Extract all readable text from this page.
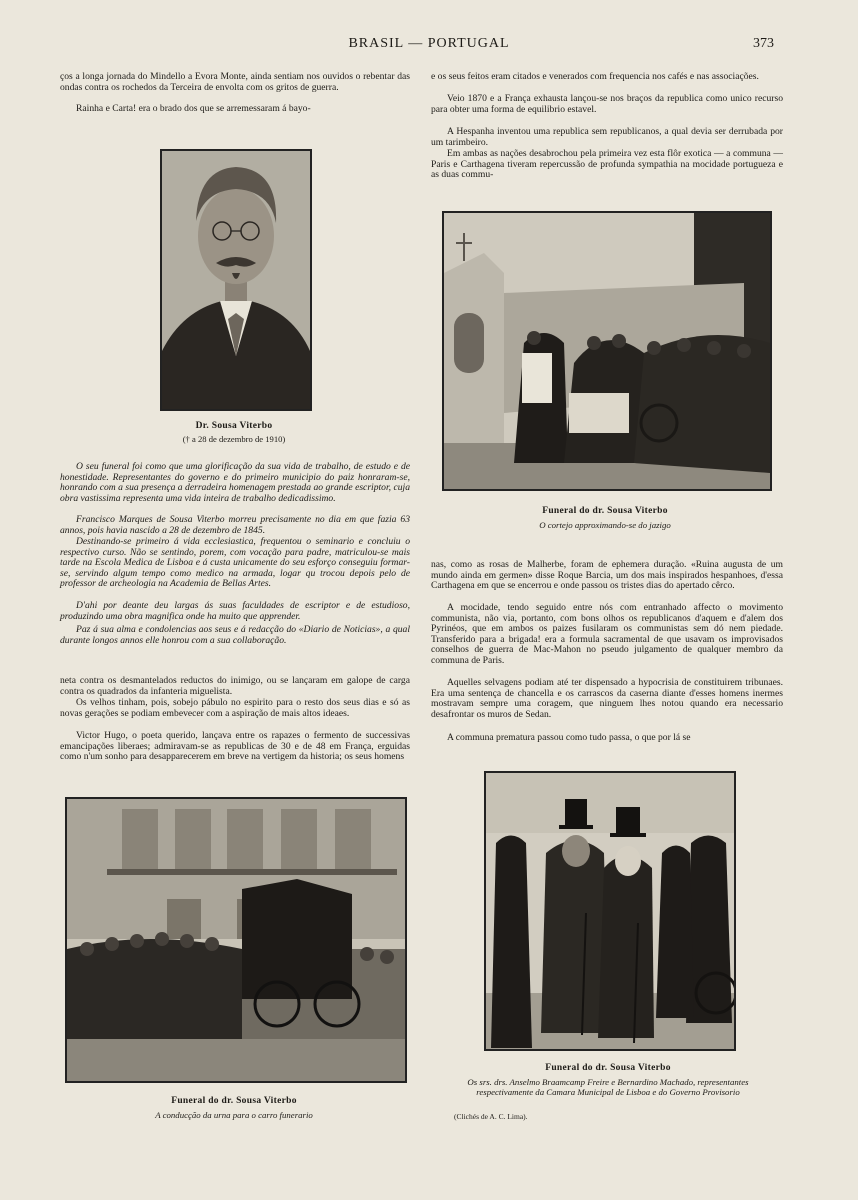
BRASIL — PORTUGAL	373

ços a longa jornada do Mindello a Evora Monte, ainda sentiam nos ouvidos o rebentar das ondas contra os rochedos da Terceira de envolta com os gritos de guerra.

Rainha e Carta! era o brado dos que se arremessaram á bayo-

Dr. Sousa Viterbo

(† a 28 de dezembro de 1910)

O seu funeral foi como que uma glorificação da sua vida de trabalho, de estudo e de honestidade. Representantes do governo e do primeiro municipio do paiz honraram-se, honrando com a sua presença a derradeira homenagem prestada ao grande escriptor, cuja obra vastissima representa uma vida inteira de trabalho dedicadissimo.

Francisco Marques de Sousa Viterbo morreu precisamente no dia em que fazia 63 annos, pois havia nascido a 28 de dezembro de 1845.

Destinando-se primeiro á vida ecclesiastica, frequentou o seminario e concluiu o respectivo curso. Não se sentindo, porem, com vocação para padre, matriculou-se mais tarde na Escola Medica de Lisboa e á custa unicamente do seu esforço conseguiu formar-se, servindo algum tempo como medico na armada, logar qu trocou depois pelo de professor de archeologia na Academia de Bellas Artes.

D'ahi por deante deu largas ás suas faculdades de escriptor e de estudioso, produzindo uma obra magnifica onde ha muito que apprender.

Paz á sua alma e condolencias aos seus e á redacção do «Diario de Noticias», a qual durante longos annos elle honrou com a sua collaboração.

neta contra os desmantelados reductos do inimigo, ou se lançaram em galope de carga contra os quadrados da infanteria miguelista.

Os velhos tinham, pois, sobejo pábulo no espirito para o resto dos seus dias e só as novas gerações se podiam embevecer com a aspiração de mais altos ideaes.

Victor Hugo, o poeta querido, lançava entre os rapazes o fermento de successivas emancipações liberaes; admiravam-se as republicas de 30 e de 48 em França, erguidas como n'um sonho para desapparecerem em breve na vertigem da historia; os seus homens

e os seus feitos eram citados e venerados com frequencia nos cafés e nas associações.

Veio 1870 e a França exhausta lançou-se nos braços da republica como unico recurso para obter uma forma de equilibrio estavel.

A Hespanha inventou uma republica sem republicanos, a qual devia ser derrubada por um tarimbeiro.

Em ambas as nações desabrochou pela primeira vez esta flôr exotica — a communa — Paris e Carthagena tiveram repercussão de profunda sympathia na mocidade portugueza e as duas commu-

Funeral do dr. Sousa Viterbo

O cortejo approximando-se do jazigo

nas, como as rosas de Malherbe, foram de ephemera duração. «Ruina augusta de um mundo ainda em germen» disse Roque Barcia, um dos mais inspirados hespanhoes, d'essa Carthagena em que se encerrou e onde passou os tristes dias do apertado cêrco.

A mocidade, tendo seguido entre nós com entranhado affecto o movimento communista, não via, portanto, com bons olhos os republicanos d'aquem e d'alem dos Pyrinéos, que em ambos os paizes fusilaram os communistas sem dó nem piedade. Transferido para a brigada! era a formula sacramental de que usavam os improvisados conselhos de guerra de Mac-Mahon no pseudo julgamento de qualquer membro da communa de Paris.

Aquelles selvagens podiam até ter dispensado a hypocrisia de constituirem tribunaes. Era uma sentença de chancella e os carrascos da caserna diante d'esses homens inermes mostravam sempre uma coragem, que ninguem lhes notou quando era necessario desafrontar os muros de Sedan.

A communa prematura passou como tudo passa, o que por lá se

Funeral do dr. Sousa Viterbo

A conducção da urna para o carro funerario

Funeral do dr. Sousa Viterbo

Os srs. drs. Anselmo Braamcamp Freire e Bernardino Machado, representantes respectivamente da Camara Municipal de Lisboa e do Governo Provisorio

(Clichés de A. C. Lima).
